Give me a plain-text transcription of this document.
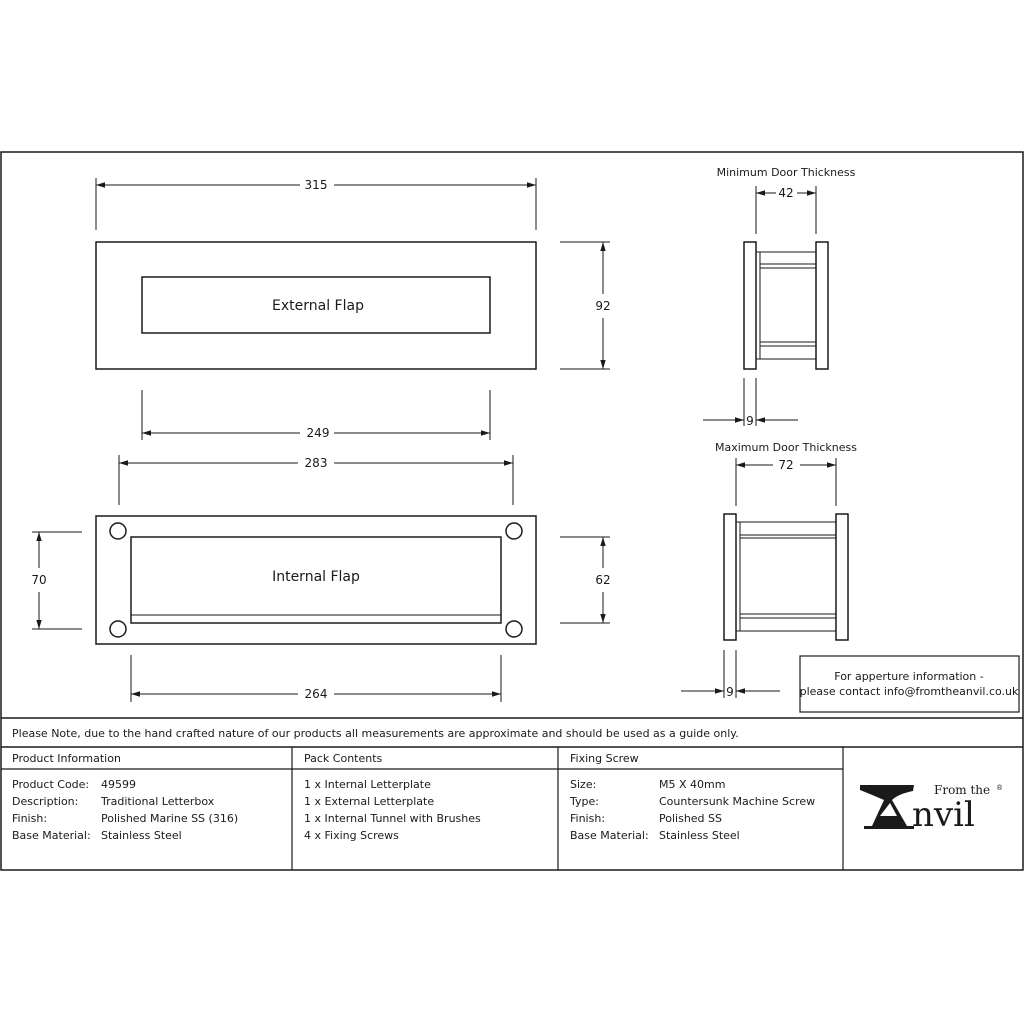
External Flap
315
92
249
283
Internal Flap
70	62
264
Minimum Door Thickness
42
9
Maximum Door Thickness
72
9
For apperture information -
please contact info@fromtheanvil.co.uk
Please Note, due to the hand crafted nature of our products all measurements are approximate and should be used as a guide only.
Product Information
Product Code: 49599
Description: Traditional Letterbox
Finish:	Polished Marine SS (316)
Base Material: Stainless Steel
Pack Contents
1 x Internal Letterplate
1 x External Letterplate
1 x Internal Tunnel with Brushes
4 x Fixing Screws
Fixing Screw
Size:	M5 X 40mm
Type:	Countersunk Machine Screw
Finish:	Polished SS
Base Material: Stainless Steel
From the ®
nvil
